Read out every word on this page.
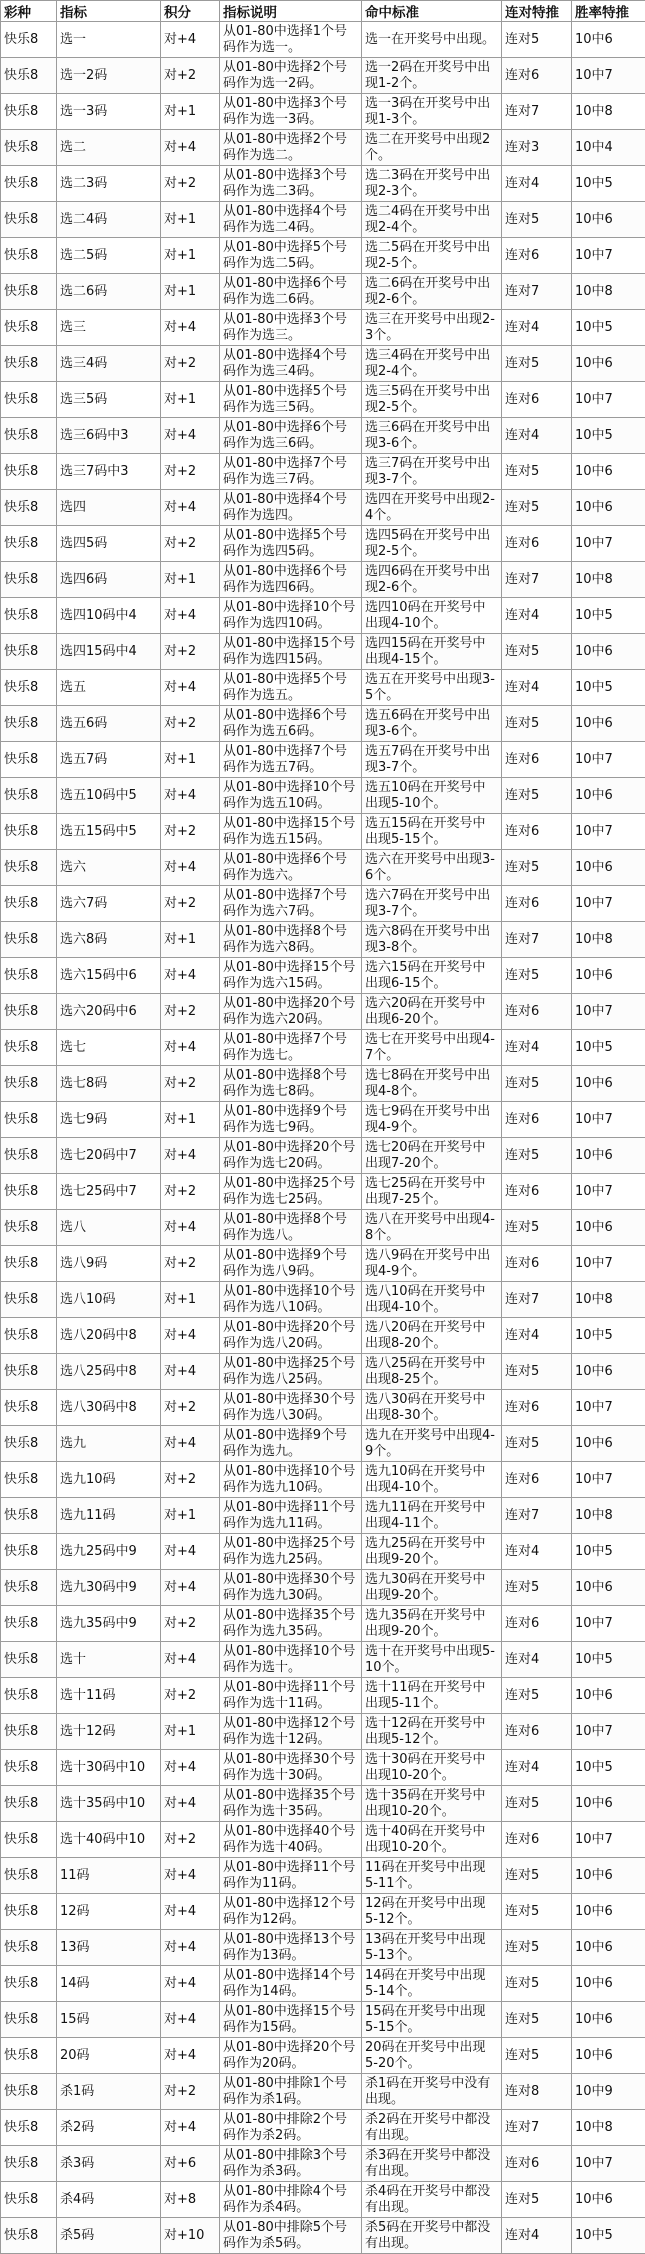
彩种	指标	积分	指标说明	命中标准	连对特推	胜率特推
快乐8	选一	对+4	从01-80中选择1个号码作为选一。	选一在开奖号中出现。	连对5	10中6
快乐8	选一2码	对+2	从01-80中选择2个号码作为选一2码。	选一2码在开奖号中出现1-2个。	连对6	10中7
快乐8	选一3码	对+1	从01-80中选择3个号码作为选一3码。	选一3码在开奖号中出现1-3个。	连对7	10中8
快乐8	选二	对+4	从01-80中选择2个号码作为选二。	选二在开奖号中出现2个。	连对3	10中4
快乐8	选二3码	对+2	从01-80中选择3个号码作为选二3码。	选二3码在开奖号中出现2-3个。	连对4	10中5
快乐8	选二4码	对+1	从01-80中选择4个号码作为选二4码。	选二4码在开奖号中出现2-4个。	连对5	10中6
快乐8	选二5码	对+1	从01-80中选择5个号码作为选二5码。	选二5码在开奖号中出现2-5个。	连对6	10中7
快乐8	选二6码	对+1	从01-80中选择6个号码作为选二6码。	选二6码在开奖号中出现2-6个。	连对7	10中8
快乐8	选三	对+4	从01-80中选择3个号码作为选三。	选三在开奖号中出现2-3个。	连对4	10中5
快乐8	选三4码	对+2	从01-80中选择4个号码作为选三4码。	选三4码在开奖号中出现2-4个。	连对5	10中6
快乐8	选三5码	对+1	从01-80中选择5个号码作为选三5码。	选三5码在开奖号中出现2-5个。	连对6	10中7
快乐8	选三6码中3	对+4	从01-80中选择6个号码作为选三6码。	选三6码在开奖号中出现3-6个。	连对4	10中5
快乐8	选三7码中3	对+2	从01-80中选择7个号码作为选三7码。	选三7码在开奖号中出现3-7个。	连对5	10中6
快乐8	选四	对+4	从01-80中选择4个号码作为选四。	选四在开奖号中出现2-4个。	连对5	10中6
快乐8	选四5码	对+2	从01-80中选择5个号码作为选四5码。	选四5码在开奖号中出现2-5个。	连对6	10中7
快乐8	选四6码	对+1	从01-80中选择6个号码作为选四6码。	选四6码在开奖号中出现2-6个。	连对7	10中8
快乐8	选四10码中4	对+4	从01-80中选择10个号码作为选四10码。	选四10码在开奖号中出现4-10个。	连对4	10中5
快乐8	选四15码中4	对+2	从01-80中选择15个号码作为选四15码。	选四15码在开奖号中出现4-15个。	连对5	10中6
快乐8	选五	对+4	从01-80中选择5个号码作为选五。	选五在开奖号中出现3-5个。	连对4	10中5
快乐8	选五6码	对+2	从01-80中选择6个号码作为选五6码。	选五6码在开奖号中出现3-6个。	连对5	10中6
快乐8	选五7码	对+1	从01-80中选择7个号码作为选五7码。	选五7码在开奖号中出现3-7个。	连对6	10中7
快乐8	选五10码中5	对+4	从01-80中选择10个号码作为选五10码。	选五10码在开奖号中出现5-10个。	连对5	10中6
快乐8	选五15码中5	对+2	从01-80中选择15个号码作为选五15码。	选五15码在开奖号中出现5-15个。	连对6	10中7
快乐8	选六	对+4	从01-80中选择6个号码作为选六。	选六在开奖号中出现3-6个。	连对5	10中6
快乐8	选六7码	对+2	从01-80中选择7个号码作为选六7码。	选六7码在开奖号中出现3-7个。	连对6	10中7
快乐8	选六8码	对+1	从01-80中选择8个号码作为选六8码。	选六8码在开奖号中出现3-8个。	连对7	10中8
快乐8	选六15码中6	对+4	从01-80中选择15个号码作为选六15码。	选六15码在开奖号中出现6-15个。	连对5	10中6
快乐8	选六20码中6	对+2	从01-80中选择20个号码作为选六20码。	选六20码在开奖号中出现6-20个。	连对6	10中7
快乐8	选七	对+4	从01-80中选择7个号码作为选七。	选七在开奖号中出现4-7个。	连对4	10中5
快乐8	选七8码	对+2	从01-80中选择8个号码作为选七8码。	选七8码在开奖号中出现4-8个。	连对5	10中6
快乐8	选七9码	对+1	从01-80中选择9个号码作为选七9码。	选七9码在开奖号中出现4-9个。	连对6	10中7
快乐8	选七20码中7	对+4	从01-80中选择20个号码作为选七20码。	选七20码在开奖号中出现7-20个。	连对5	10中6
快乐8	选七25码中7	对+2	从01-80中选择25个号码作为选七25码。	选七25码在开奖号中出现7-25个。	连对6	10中7
快乐8	选八	对+4	从01-80中选择8个号码作为选八。	选八在开奖号中出现4-8个。	连对5	10中6
快乐8	选八9码	对+2	从01-80中选择9个号码作为选八9码。	选八9码在开奖号中出现4-9个。	连对6	10中7
快乐8	选八10码	对+1	从01-80中选择10个号码作为选八10码。	选八10码在开奖号中出现4-10个。	连对7	10中8
快乐8	选八20码中8	对+4	从01-80中选择20个号码作为选八20码。	选八20码在开奖号中出现8-20个。	连对4	10中5
快乐8	选八25码中8	对+4	从01-80中选择25个号码作为选八25码。	选八25码在开奖号中出现8-25个。	连对5	10中6
快乐8	选八30码中8	对+2	从01-80中选择30个号码作为选八30码。	选八30码在开奖号中出现8-30个。	连对6	10中7
快乐8	选九	对+4	从01-80中选择9个号码作为选九。	选九在开奖号中出现4-9个。	连对5	10中6
快乐8	选九10码	对+2	从01-80中选择10个号码作为选九10码。	选九10码在开奖号中出现4-10个。	连对6	10中7
快乐8	选九11码	对+1	从01-80中选择11个号码作为选九11码。	选九11码在开奖号中出现4-11个。	连对7	10中8
快乐8	选九25码中9	对+4	从01-80中选择25个号码作为选九25码。	选九25码在开奖号中出现9-20个。	连对4	10中5
快乐8	选九30码中9	对+4	从01-80中选择30个号码作为选九30码。	选九30码在开奖号中出现9-20个。	连对5	10中6
快乐8	选九35码中9	对+2	从01-80中选择35个号码作为选九35码。	选九35码在开奖号中出现9-20个。	连对6	10中7
快乐8	选十	对+4	从01-80中选择10个号码作为选十。	选十在开奖号中出现5-10个。	连对4	10中5
快乐8	选十11码	对+2	从01-80中选择11个号码作为选十11码。	选十11码在开奖号中出现5-11个。	连对5	10中6
快乐8	选十12码	对+1	从01-80中选择12个号码作为选十12码。	选十12码在开奖号中出现5-12个。	连对6	10中7
快乐8	选十30码中10	对+4	从01-80中选择30个号码作为选十30码。	选十30码在开奖号中出现10-20个。	连对4	10中5
快乐8	选十35码中10	对+4	从01-80中选择35个号码作为选十35码。	选十35码在开奖号中出现10-20个。	连对5	10中6
快乐8	选十40码中10	对+2	从01-80中选择40个号码作为选十40码。	选十40码在开奖号中出现10-20个。	连对6	10中7
快乐8	11码	对+4	从01-80中选择11个号码作为11码。	11码在开奖号中出现5-11个。	连对5	10中6
快乐8	12码	对+4	从01-80中选择12个号码作为12码。	12码在开奖号中出现5-12个。	连对5	10中6
快乐8	13码	对+4	从01-80中选择13个号码作为13码。	13码在开奖号中出现5-13个。	连对5	10中6
快乐8	14码	对+4	从01-80中选择14个号码作为14码。	14码在开奖号中出现5-14个。	连对5	10中6
快乐8	15码	对+4	从01-80中选择15个号码作为15码。	15码在开奖号中出现5-15个。	连对5	10中6
快乐8	20码	对+4	从01-80中选择20个号码作为20码。	20码在开奖号中出现5-20个。	连对5	10中6
快乐8	杀1码	对+2	从01-80中排除1个号码作为杀1码。	杀1码在开奖号中没有出现。	连对8	10中9
快乐8	杀2码	对+4	从01-80中排除2个号码作为杀2码。	杀2码在开奖号中都没有出现。	连对7	10中8
快乐8	杀3码	对+6	从01-80中排除3个号码作为杀3码。	杀3码在开奖号中都没有出现。	连对6	10中7
快乐8	杀4码	对+8	从01-80中排除4个号码作为杀4码。	杀4码在开奖号中都没有出现。	连对5	10中6
快乐8	杀5码	对+10	从01-80中排除5个号码作为杀5码。	杀5码在开奖号中都没有出现。	连对4	10中5
